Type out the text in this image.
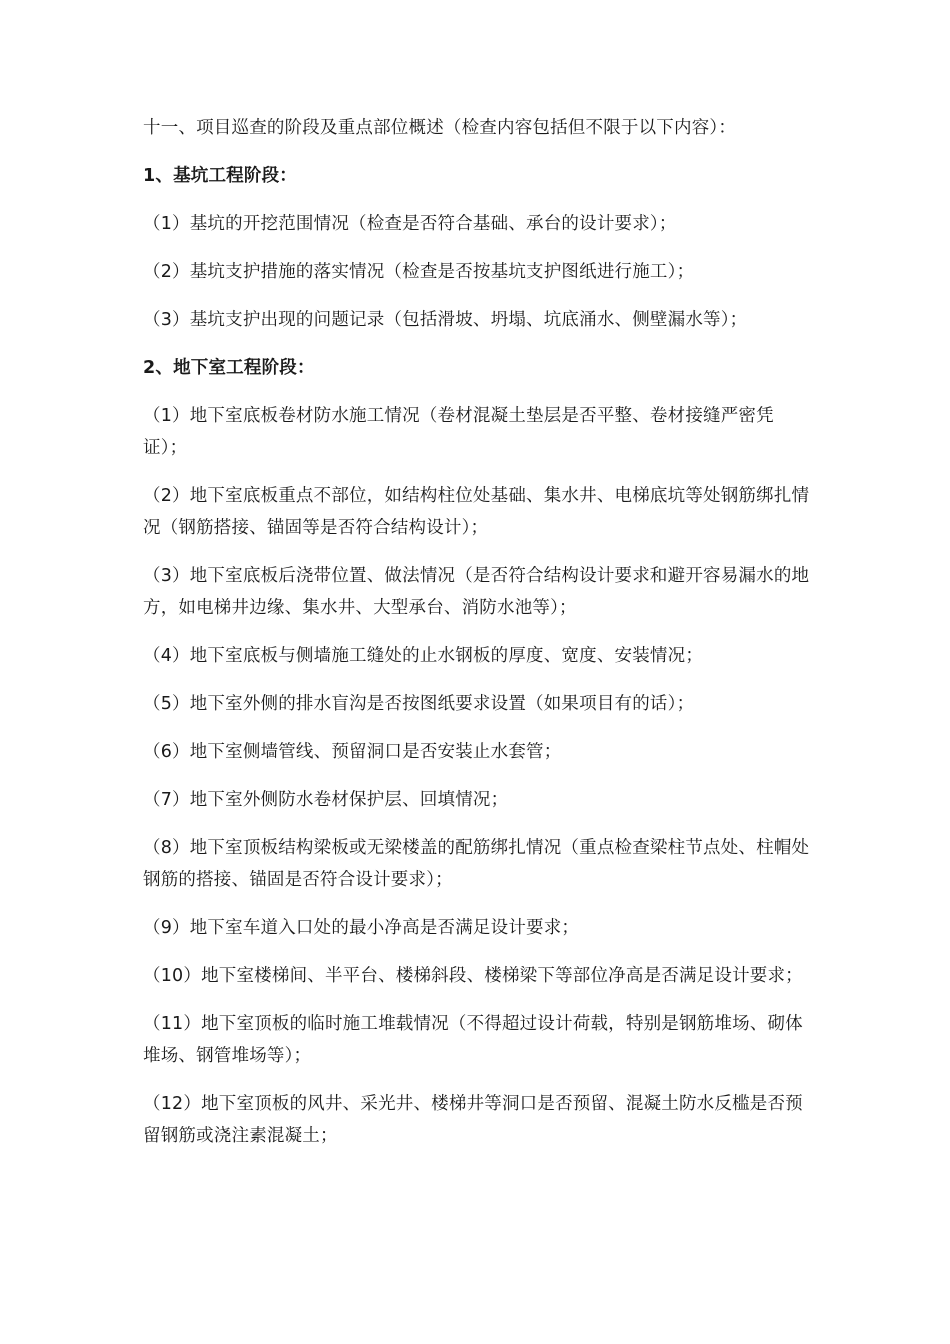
十一、项目巡查的阶段及重点部位概述（检查内容包括但不限于以下内容）：

1、基坑工程阶段：

（1）基坑的开挖范围情况（检查是否符合基础、承台的设计要求）；

（2）基坑支护措施的落实情况（检查是否按基坑支护图纸进行施工）；

（3）基坑支护出现的问题记录（包括滑坡、坍塌、坑底涌水、侧壁漏水等）；

2、地下室工程阶段：

（1）地下室底板卷材防水施工情况（卷材混凝土垫层是否平整、卷材接缝严密凭证）；

（2）地下室底板重点不部位，如结构柱位处基础、集水井、电梯底坑等处钢筋绑扎情况（钢筋搭接、锚固等是否符合结构设计）；

（3）地下室底板后浇带位置、做法情况（是否符合结构设计要求和避开容易漏水的地方，如电梯井边缘、集水井、大型承台、消防水池等）；

（4）地下室底板与侧墙施工缝处的止水钢板的厚度、宽度、安装情况；

（5）地下室外侧的排水盲沟是否按图纸要求设置（如果项目有的话）；

（6）地下室侧墙管线、预留洞口是否安装止水套管；

（7）地下室外侧防水卷材保护层、回填情况；

（8）地下室顶板结构梁板或无梁楼盖的配筋绑扎情况（重点检查梁柱节点处、柱帽处钢筋的搭接、锚固是否符合设计要求）；

（9）地下室车道入口处的最小净高是否满足设计要求；

（10）地下室楼梯间、半平台、楼梯斜段、楼梯梁下等部位净高是否满足设计要求；

（11）地下室顶板的临时施工堆载情况（不得超过设计荷载，特别是钢筋堆场、砌体堆场、钢管堆场等）；

（12）地下室顶板的风井、采光井、楼梯井等洞口是否预留、混凝土防水反槛是否预留钢筋或浇注素混凝土；
